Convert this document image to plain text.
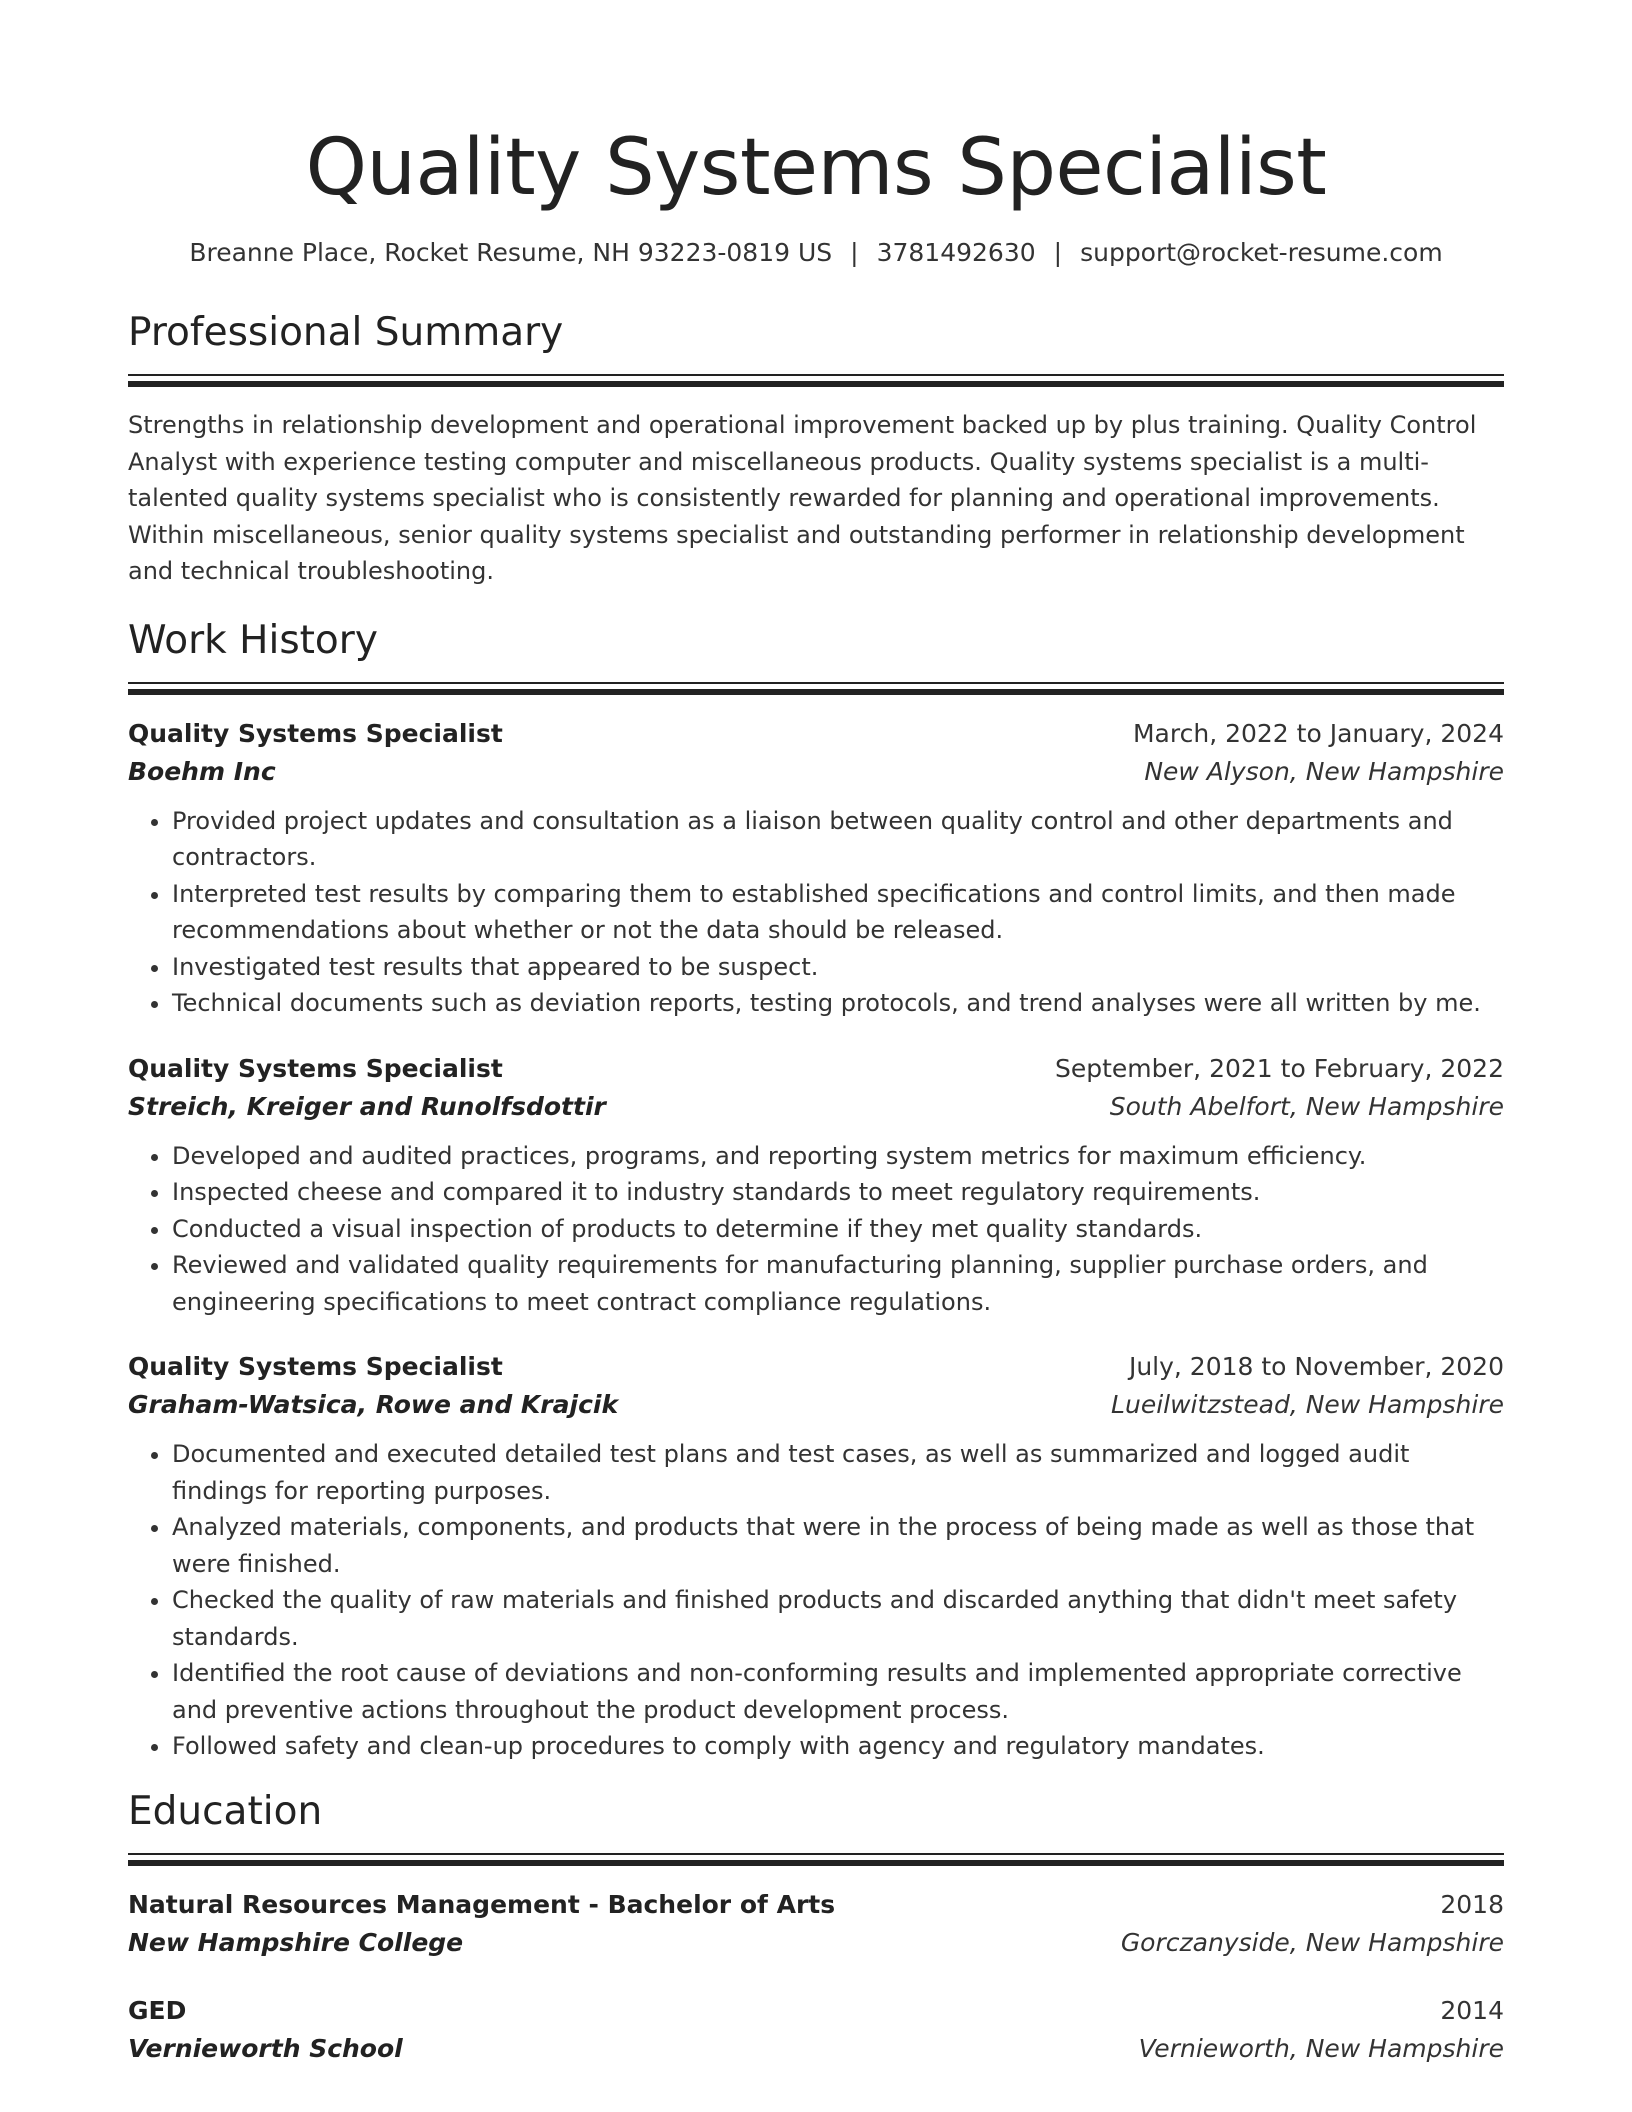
Quality Systems Specialist
Breanne Place, Rocket Resume, NH 93223-0819 US | 3781492630 | support@rocket-resume.com
Professional Summary

Strengths in relationship development and operational improvement backed up by plus training. Quality Control Analyst with experience testing computer and miscellaneous products. Quality systems specialist is a multi-talented quality systems specialist who is consistently rewarded for planning and operational improvements. Within miscellaneous, senior quality systems specialist and outstanding performer in relationship development and technical troubleshooting.

Work History
Quality Systems Specialist	March, 2022 to January, 2024
Boehm Inc	New Alyson, New Hampshire
• Provided project updates and consultation as a liaison between quality control and other departments and contractors.
• Interpreted test results by comparing them to established specifications and control limits, and then made recommendations about whether or not the data should be released.
• Investigated test results that appeared to be suspect.
• Technical documents such as deviation reports, testing protocols, and trend analyses were all written by me.
Quality Systems Specialist	September, 2021 to February, 2022
Streich, Kreiger and Runolfsdottir	South Abelfort, New Hampshire
• Developed and audited practices, programs, and reporting system metrics for maximum efficiency.
• Inspected cheese and compared it to industry standards to meet regulatory requirements.
• Conducted a visual inspection of products to determine if they met quality standards.
• Reviewed and validated quality requirements for manufacturing planning, supplier purchase orders, and engineering specifications to meet contract compliance regulations.
Quality Systems Specialist	July, 2018 to November, 2020
Graham-Watsica, Rowe and Krajcik	Lueilwitzstead, New Hampshire
• Documented and executed detailed test plans and test cases, as well as summarized and logged audit findings for reporting purposes.
• Analyzed materials, components, and products that were in the process of being made as well as those that were finished.
• Checked the quality of raw materials and finished products and discarded anything that didn't meet safety standards.
• Identified the root cause of deviations and non-conforming results and implemented appropriate corrective and preventive actions throughout the product development process.
• Followed safety and clean-up procedures to comply with agency and regulatory mandates.
Education
Natural Resources Management - Bachelor of Arts	2018
New Hampshire College	Gorczanyside, New Hampshire
GED	2014
Vernieworth School	Vernieworth, New Hampshire
